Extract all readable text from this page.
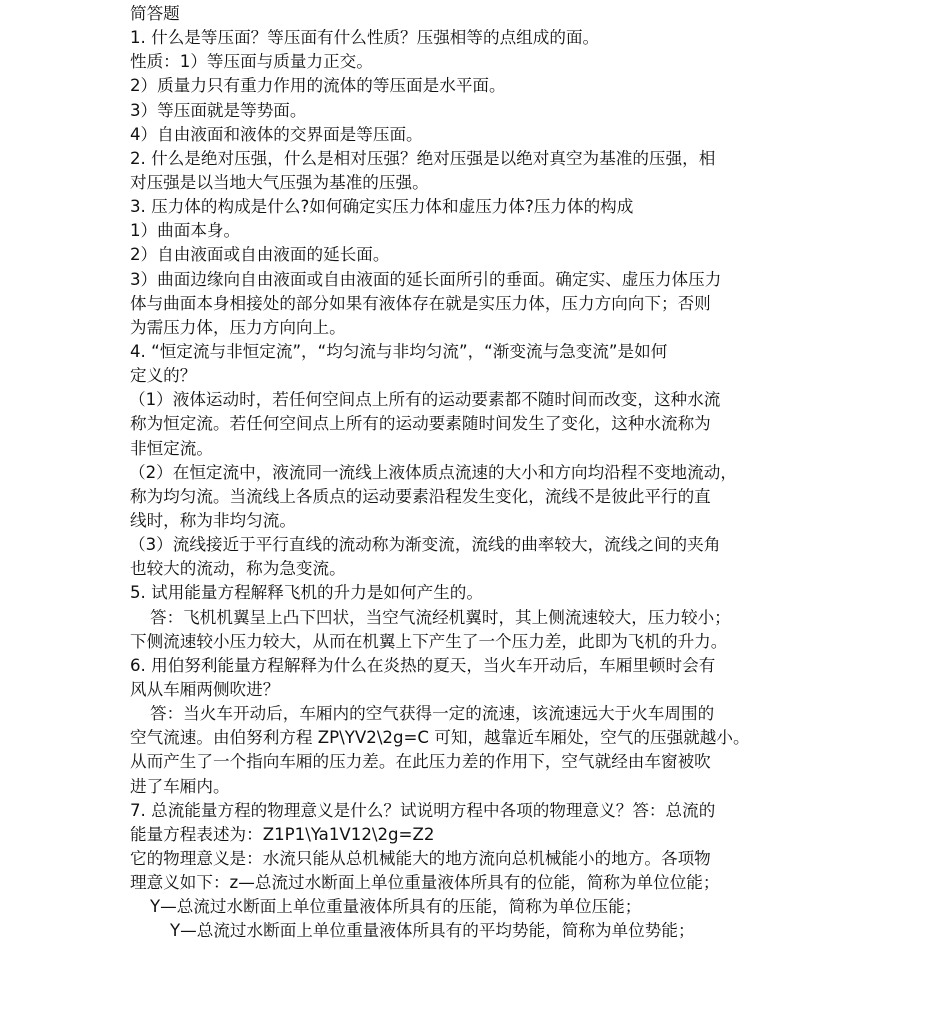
简答题
1. 什么是等压面？等压面有什么性质？压强相等的点组成的面。
性质：1）等压面与质量力正交。
2）质量力只有重力作用的流体的等压面是水平面。
3）等压面就是等势面。
4）自由液面和液体的交界面是等压面。
2. 什么是绝对压强，什么是相对压强？绝对压强是以绝对真空为基准的压强，相
对压强是以当地大气压强为基准的压强。
3. 压力体的构成是什么?如何确定实压力体和虚压力体?压力体的构成
1）曲面本身。
2）自由液面或自由液面的延长面。
3）曲面边缘向自由液面或自由液面的延长面所引的垂面。确定实、虚压力体压力
体与曲面本身相接处的部分如果有液体存在就是实压力体，压力方向向下；否则
为需压力体，压力方向向上。
4. “恒定流与非恒定流”，“均匀流与非均匀流”，“渐变流与急变流”是如何
定义的？
（1）液体运动时，若任何空间点上所有的运动要素都不随时间而改变，这种水流
称为恒定流。若任何空间点上所有的运动要素随时间发生了变化，这种水流称为
非恒定流。
（2）在恒定流中，液流同一流线上液体质点流速的大小和方向均沿程不变地流动，
称为均匀流。当流线上各质点的运动要素沿程发生变化，流线不是彼此平行的直
线时，称为非均匀流。
（3）流线接近于平行直线的流动称为渐变流，流线的曲率较大，流线之间的夹角
也较大的流动，称为急变流。
5. 试用能量方程解释飞机的升力是如何产生的。
答：飞机机翼呈上凸下凹状，当空气流经机翼时，其上侧流速较大，压力较小；
下侧流速较小压力较大，从而在机翼上下产生了一个压力差，此即为飞机的升力。
6. 用伯努利能量方程解释为什么在炎热的夏天，当火车开动后，车厢里顿时会有
风从车厢两侧吹进？
答：当火车开动后，车厢内的空气获得一定的流速，该流速远大于火车周围的
空气流速。由伯努利方程 ZP\YV2\2g=C 可知，越靠近车厢处，空气的压强就越小。
从而产生了一个指向车厢的压力差。在此压力差的作用下，空气就经由车窗被吹
进了车厢内。
7. 总流能量方程的物理意义是什么？试说明方程中各项的物理意义？答：总流的
能量方程表述为：Z1P1\Ya1V12\2g=Z2
它的物理意义是：水流只能从总机械能大的地方流向总机械能小的地方。各项物
理意义如下：z—总流过水断面上单位重量液体所具有的位能，简称为单位位能；
Y—总流过水断面上单位重量液体所具有的压能，简称为单位压能；
Y—总流过水断面上单位重量液体所具有的平均势能，简称为单位势能；
